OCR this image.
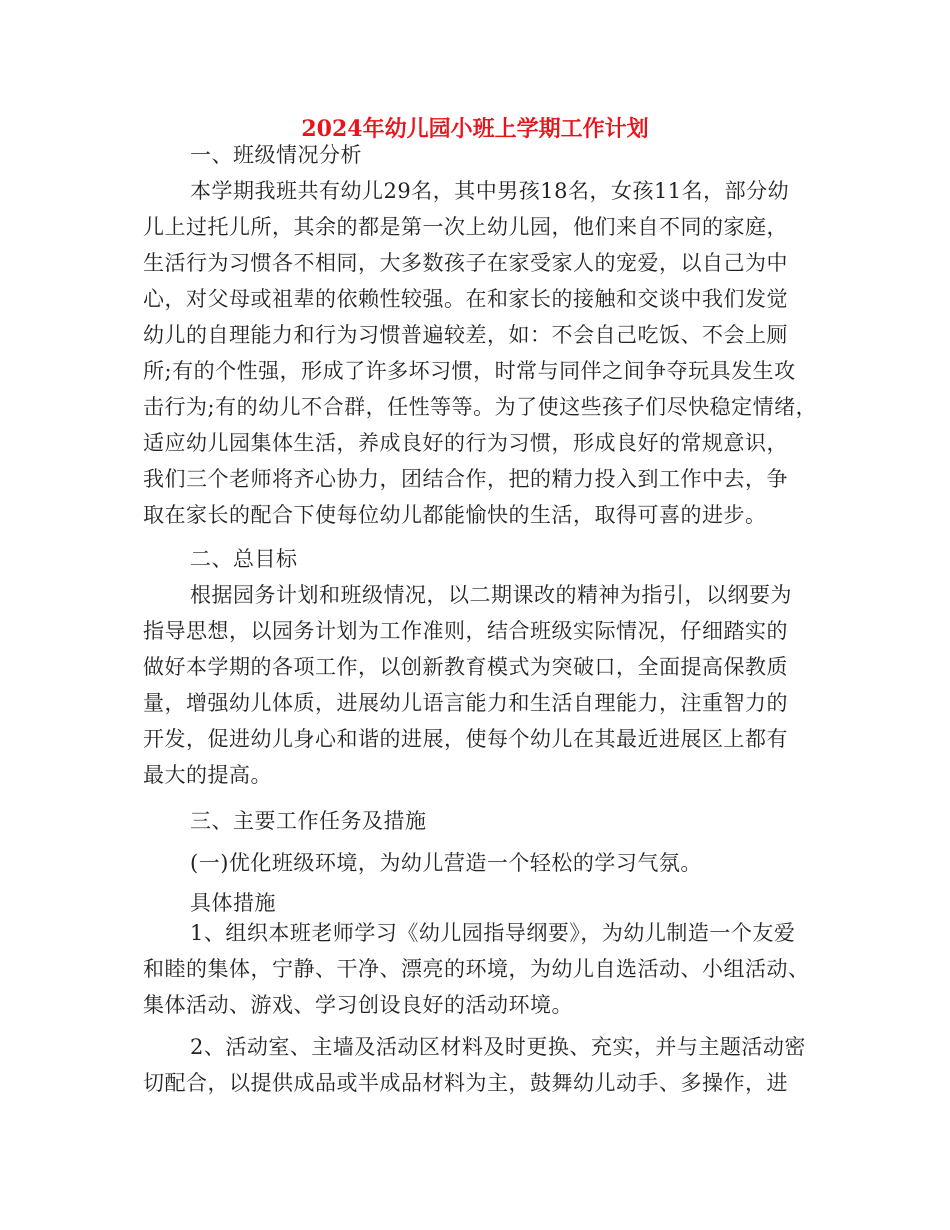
2024年幼儿园小班上学期工作计划
一、班级情况分析
本学期我班共有幼儿29名，其中男孩18名，女孩11名，部分幼
儿上过托儿所，其余的都是第一次上幼儿园，他们来自不同的家庭，
生活行为习惯各不相同，大多数孩子在家受家人的宠爱，以自己为中
心，对父母或祖辈的依赖性较强。在和家长的接触和交谈中我们发觉
幼儿的自理能力和行为习惯普遍较差，如：不会自己吃饭、不会上厕
所;有的个性强，形成了许多坏习惯，时常与同伴之间争夺玩具发生攻
击行为;有的幼儿不合群，任性等等。为了使这些孩子们尽快稳定情绪，
适应幼儿园集体生活，养成良好的行为习惯，形成良好的常规意识，
我们三个老师将齐心协力，团结合作，把的精力投入到工作中去，争
取在家长的配合下使每位幼儿都能愉快的生活，取得可喜的进步。
二、总目标
根据园务计划和班级情况，以二期课改的精神为指引，以纲要为
指导思想，以园务计划为工作准则，结合班级实际情况，仔细踏实的
做好本学期的各项工作，以创新教育模式为突破口，全面提高保教质
量，增强幼儿体质，进展幼儿语言能力和生活自理能力，注重智力的
开发，促进幼儿身心和谐的进展，使每个幼儿在其最近进展区上都有
最大的提高。
三、主要工作任务及措施
(一)优化班级环境，为幼儿营造一个轻松的学习气氛。
具体措施
1、组织本班老师学习《幼儿园指导纲要》，为幼儿制造一个友爱
和睦的集体，宁静、干净、漂亮的环境，为幼儿自选活动、小组活动、
集体活动、游戏、学习创设良好的活动环境。
2、活动室、主墙及活动区材料及时更换、充实，并与主题活动密
切配合，以提供成品或半成品材料为主，鼓舞幼儿动手、多操作，进
